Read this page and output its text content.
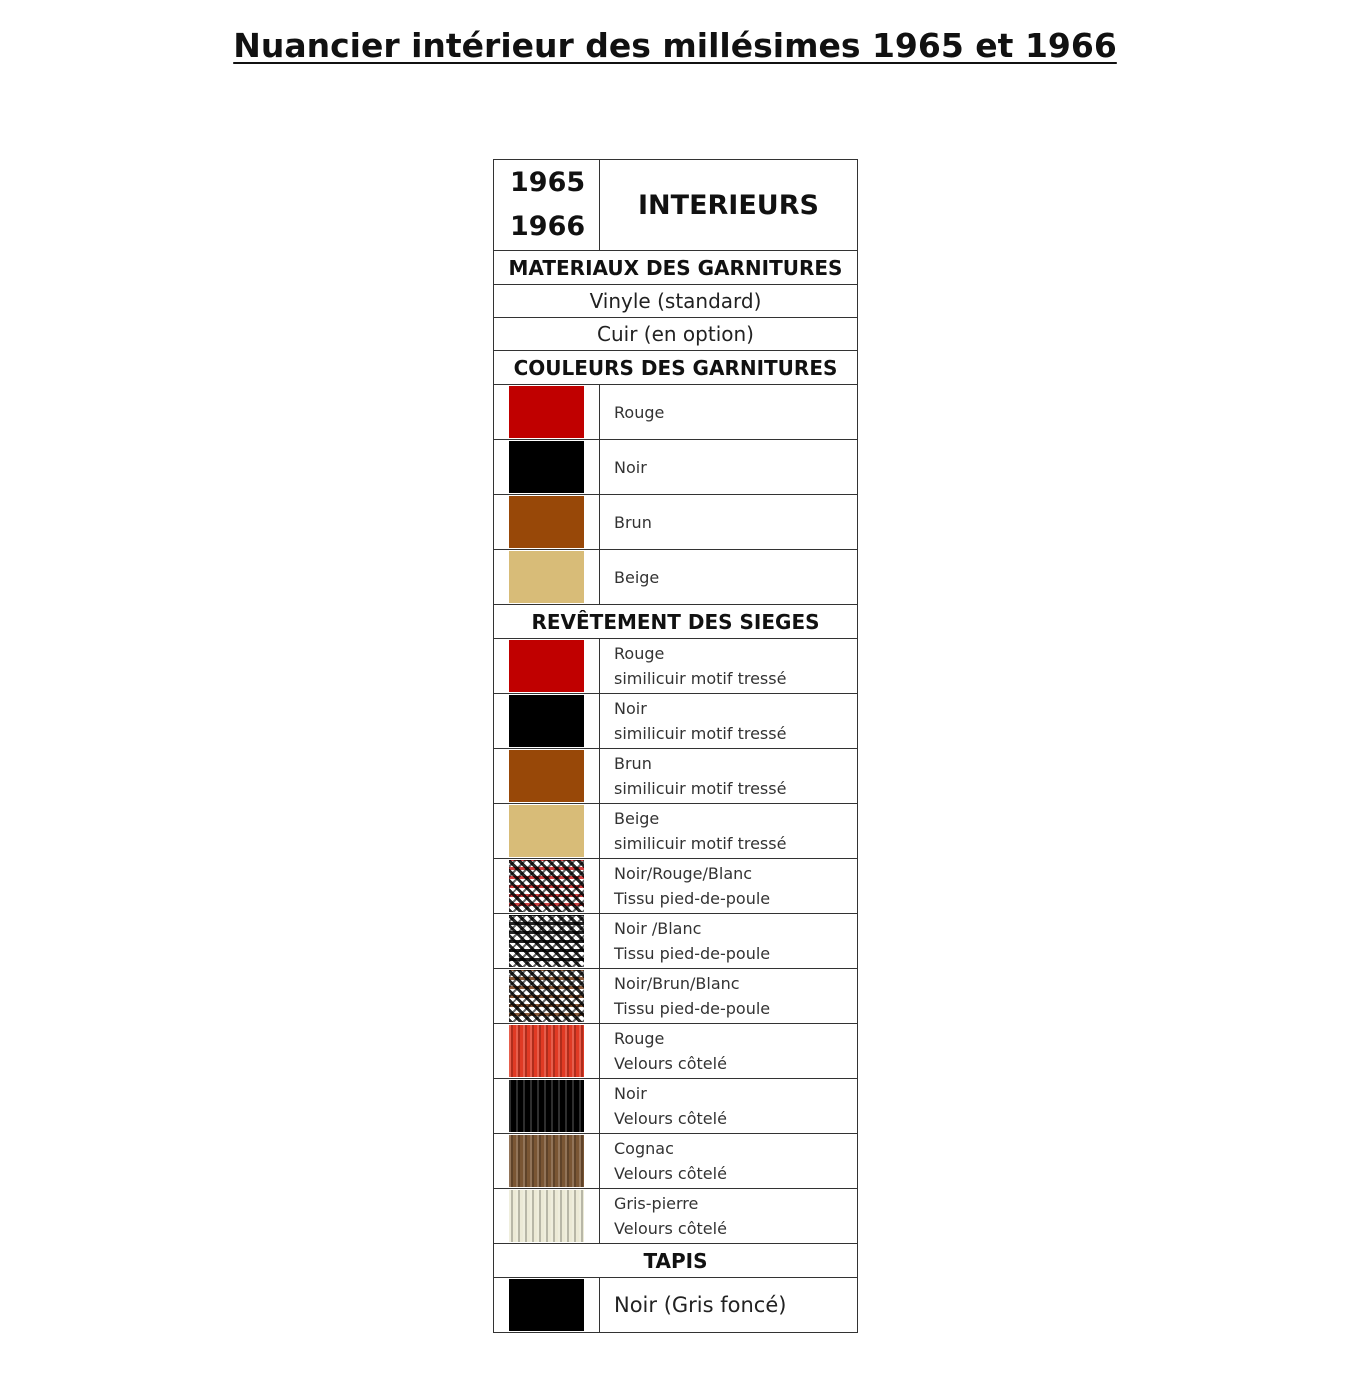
Nuancier intérieur des millésimes 1965 et 1966
1965
1966	INTERIEURS
MATERIAUX DES GARNITURES	
Vinyle (standard)	
Cuir (en option)	
COULEURS DES GARNITURES	

	Rouge

	Noir

	Brun

	Beige

REVÊTEMENT DES SIEGES	

	Rouge
similicuir motif tressé

	Noir
similicuir motif tressé

	Brun
similicuir motif tressé

	Beige
similicuir motif tressé

	Noir/Rouge/Blanc
Tissu pied-de-poule

	Noir /Blanc
Tissu pied-de-poule

	Noir/Brun/Blanc
Tissu pied-de-poule

	Rouge
Velours côtelé

	Noir
Velours côtelé

	Cognac
Velours côtelé

	Gris-pierre
Velours côtelé

TAPIS	

	Noir (Gris foncé)
